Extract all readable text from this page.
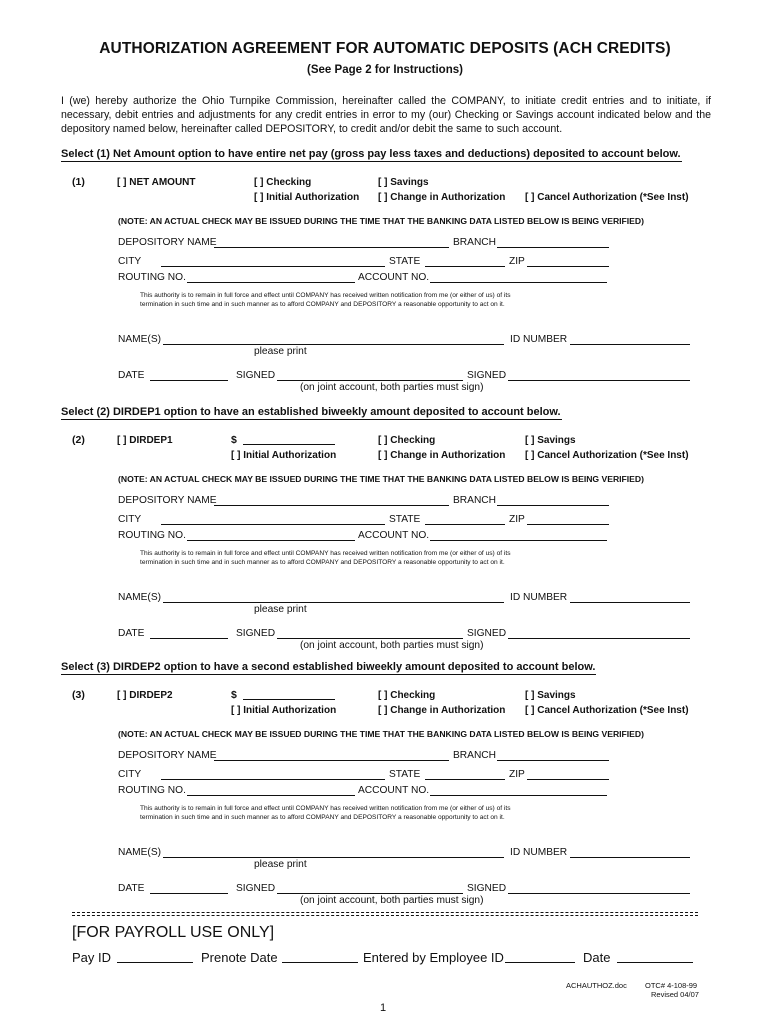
AUTHORIZATION AGREEMENT FOR AUTOMATIC DEPOSITS (ACH CREDITS)
(See Page 2 for Instructions)
I (we) hereby authorize the Ohio Turnpike Commission, hereinafter called the COMPANY, to initiate credit entries and to initiate, if necessary, debit entries and adjustments for any credit entries in error to my (our) Checking or Savings account indicated below and the depository named below, hereinafter called DEPOSITORY, to credit and/or debit the same to such account.
Select (1) Net Amount option to have entire net pay (gross pay less taxes and deductions) deposited to account below.
(1)	[ ] NET AMOUNT	[ ] Checking	[ ] Savings
[ ] Initial Authorization [ ] Change in Authorization [ ] Cancel Authorization (*See Inst)
(NOTE: AN ACTUAL CHECK MAY BE ISSUED DURING THE TIME THAT THE BANKING DATA LISTED BELOW IS BEING VERIFIED)
DEPOSITORY NAME	BRANCH
CITY	STATE	ZIP
ROUTING NO.	ACCOUNT NO.
This authority is to remain in full force and effect until COMPANY has received written notification from me (or either of us) of its
termination in such time and in such manner as to afford COMPANY and DEPOSITORY a reasonable opportunity to act on it.
NAME(S)	ID NUMBER
please print
DATE	SIGNED	SIGNED
(on joint account, both parties must sign)
Select (2) DIRDEP1 option to have an established biweekly amount deposited to account below.
(2)	[ ] DIRDEP1	$	[ ] Checking	[ ] Savings
[ ] Initial Authorization	[ ] Change in Authorization [ ] Cancel Authorization (*See Inst)
(NOTE: AN ACTUAL CHECK MAY BE ISSUED DURING THE TIME THAT THE BANKING DATA LISTED BELOW IS BEING VERIFIED)
DEPOSITORY NAME	BRANCH
CITY	STATE	ZIP
ROUTING NO.	ACCOUNT NO.
This authority is to remain in full force and effect until COMPANY has received written notification from me (or either of us) of its
termination in such time and in such manner as to afford COMPANY and DEPOSITORY a reasonable opportunity to act on it.
NAME(S)	ID NUMBER
please print
DATE	SIGNED	SIGNED
(on joint account, both parties must sign)
Select (3) DIRDEP2 option to have a second established biweekly amount deposited to account below.
(3)	[ ] DIRDEP2	$	[ ] Checking	[ ] Savings
[ ] Initial Authorization	[ ] Change in Authorization [ ] Cancel Authorization (*See Inst)
(NOTE: AN ACTUAL CHECK MAY BE ISSUED DURING THE TIME THAT THE BANKING DATA LISTED BELOW IS BEING VERIFIED)
DEPOSITORY NAME	BRANCH
CITY	STATE	ZIP
ROUTING NO.	ACCOUNT NO.
This authority is to remain in full force and effect until COMPANY has received written notification from me (or either of us) of its
termination in such time and in such manner as to afford COMPANY and DEPOSITORY a reasonable opportunity to act on it.
NAME(S)	ID NUMBER
please print
DATE	SIGNED	SIGNED
(on joint account, both parties must sign)
[FOR PAYROLL USE ONLY]
Pay ID	Prenote Date	Entered by Employee ID	Date
ACHAUTHOZ.doc OTC# 4-108-99
Revised 04/07
1
